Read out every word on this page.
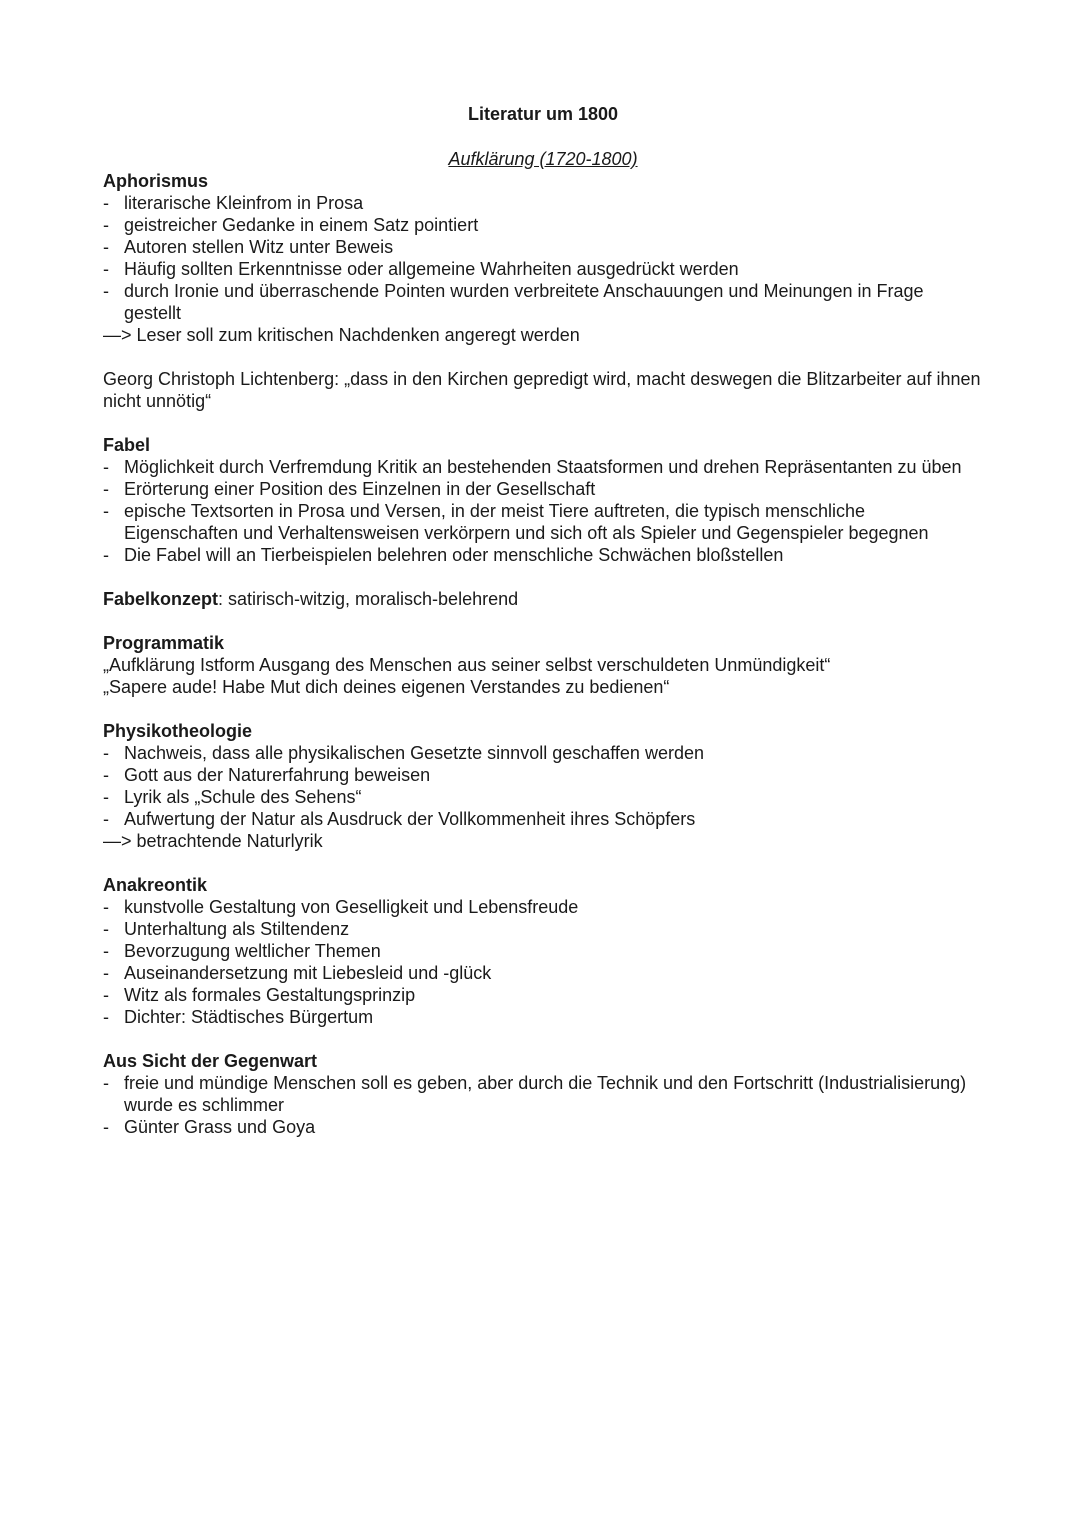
Literatur um 1800
Aufklärung (1720-1800)
Aphorismus
- literarische Kleinfrom in Prosa
- geistreicher Gedanke in einem Satz pointiert
- Autoren stellen Witz unter Beweis
- Häufig sollten Erkenntnisse oder allgemeine Wahrheiten ausgedrückt werden
- durch Ironie und überraschende Pointen wurden verbreitete Anschauungen und Meinungen in Frage gestellt
—> Leser soll zum kritischen Nachdenken angeregt werden
Georg Christoph Lichtenberg: „dass in den Kirchen gepredigt wird, macht deswegen die Blitzarbeiter auf ihnen nicht unnötig“
Fabel
- Möglichkeit durch Verfremdung Kritik an bestehenden Staatsformen und drehen Repräsentanten zu üben
- Erörterung einer Position des Einzelnen in der Gesellschaft
- epische Textsorten in Prosa und Versen, in der meist Tiere auftreten, die typisch menschliche Eigenschaften und Verhaltensweisen verkörpern und sich oft als Spieler und Gegenspieler begegnen
- Die Fabel will an Tierbeispielen belehren oder menschliche Schwächen bloßstellen
Fabelkonzept: satirisch-witzig, moralisch-belehrend
Programmatik
„Aufklärung Istform Ausgang des Menschen aus seiner selbst verschuldeten Unmündigkeit“
„Sapere aude! Habe Mut dich deines eigenen Verstandes zu bedienen“
Physikotheologie
- Nachweis, dass alle physikalischen Gesetzte sinnvoll geschaffen werden
- Gott aus der Naturerfahrung beweisen
- Lyrik als „Schule des Sehens“
- Aufwertung der Natur als Ausdruck der Vollkommenheit ihres Schöpfers
—> betrachtende Naturlyrik
Anakreontik
- kunstvolle Gestaltung von Geselligkeit und Lebensfreude
- Unterhaltung als Stiltendenz
- Bevorzugung weltlicher Themen
- Auseinandersetzung mit Liebesleid und -glück
- Witz als formales Gestaltungsprinzip
- Dichter: Städtisches Bürgertum
Aus Sicht der Gegenwart
- freie und mündige Menschen soll es geben, aber durch die Technik und den Fortschritt (Industrialisierung) wurde es schlimmer
- Günter Grass und Goya
